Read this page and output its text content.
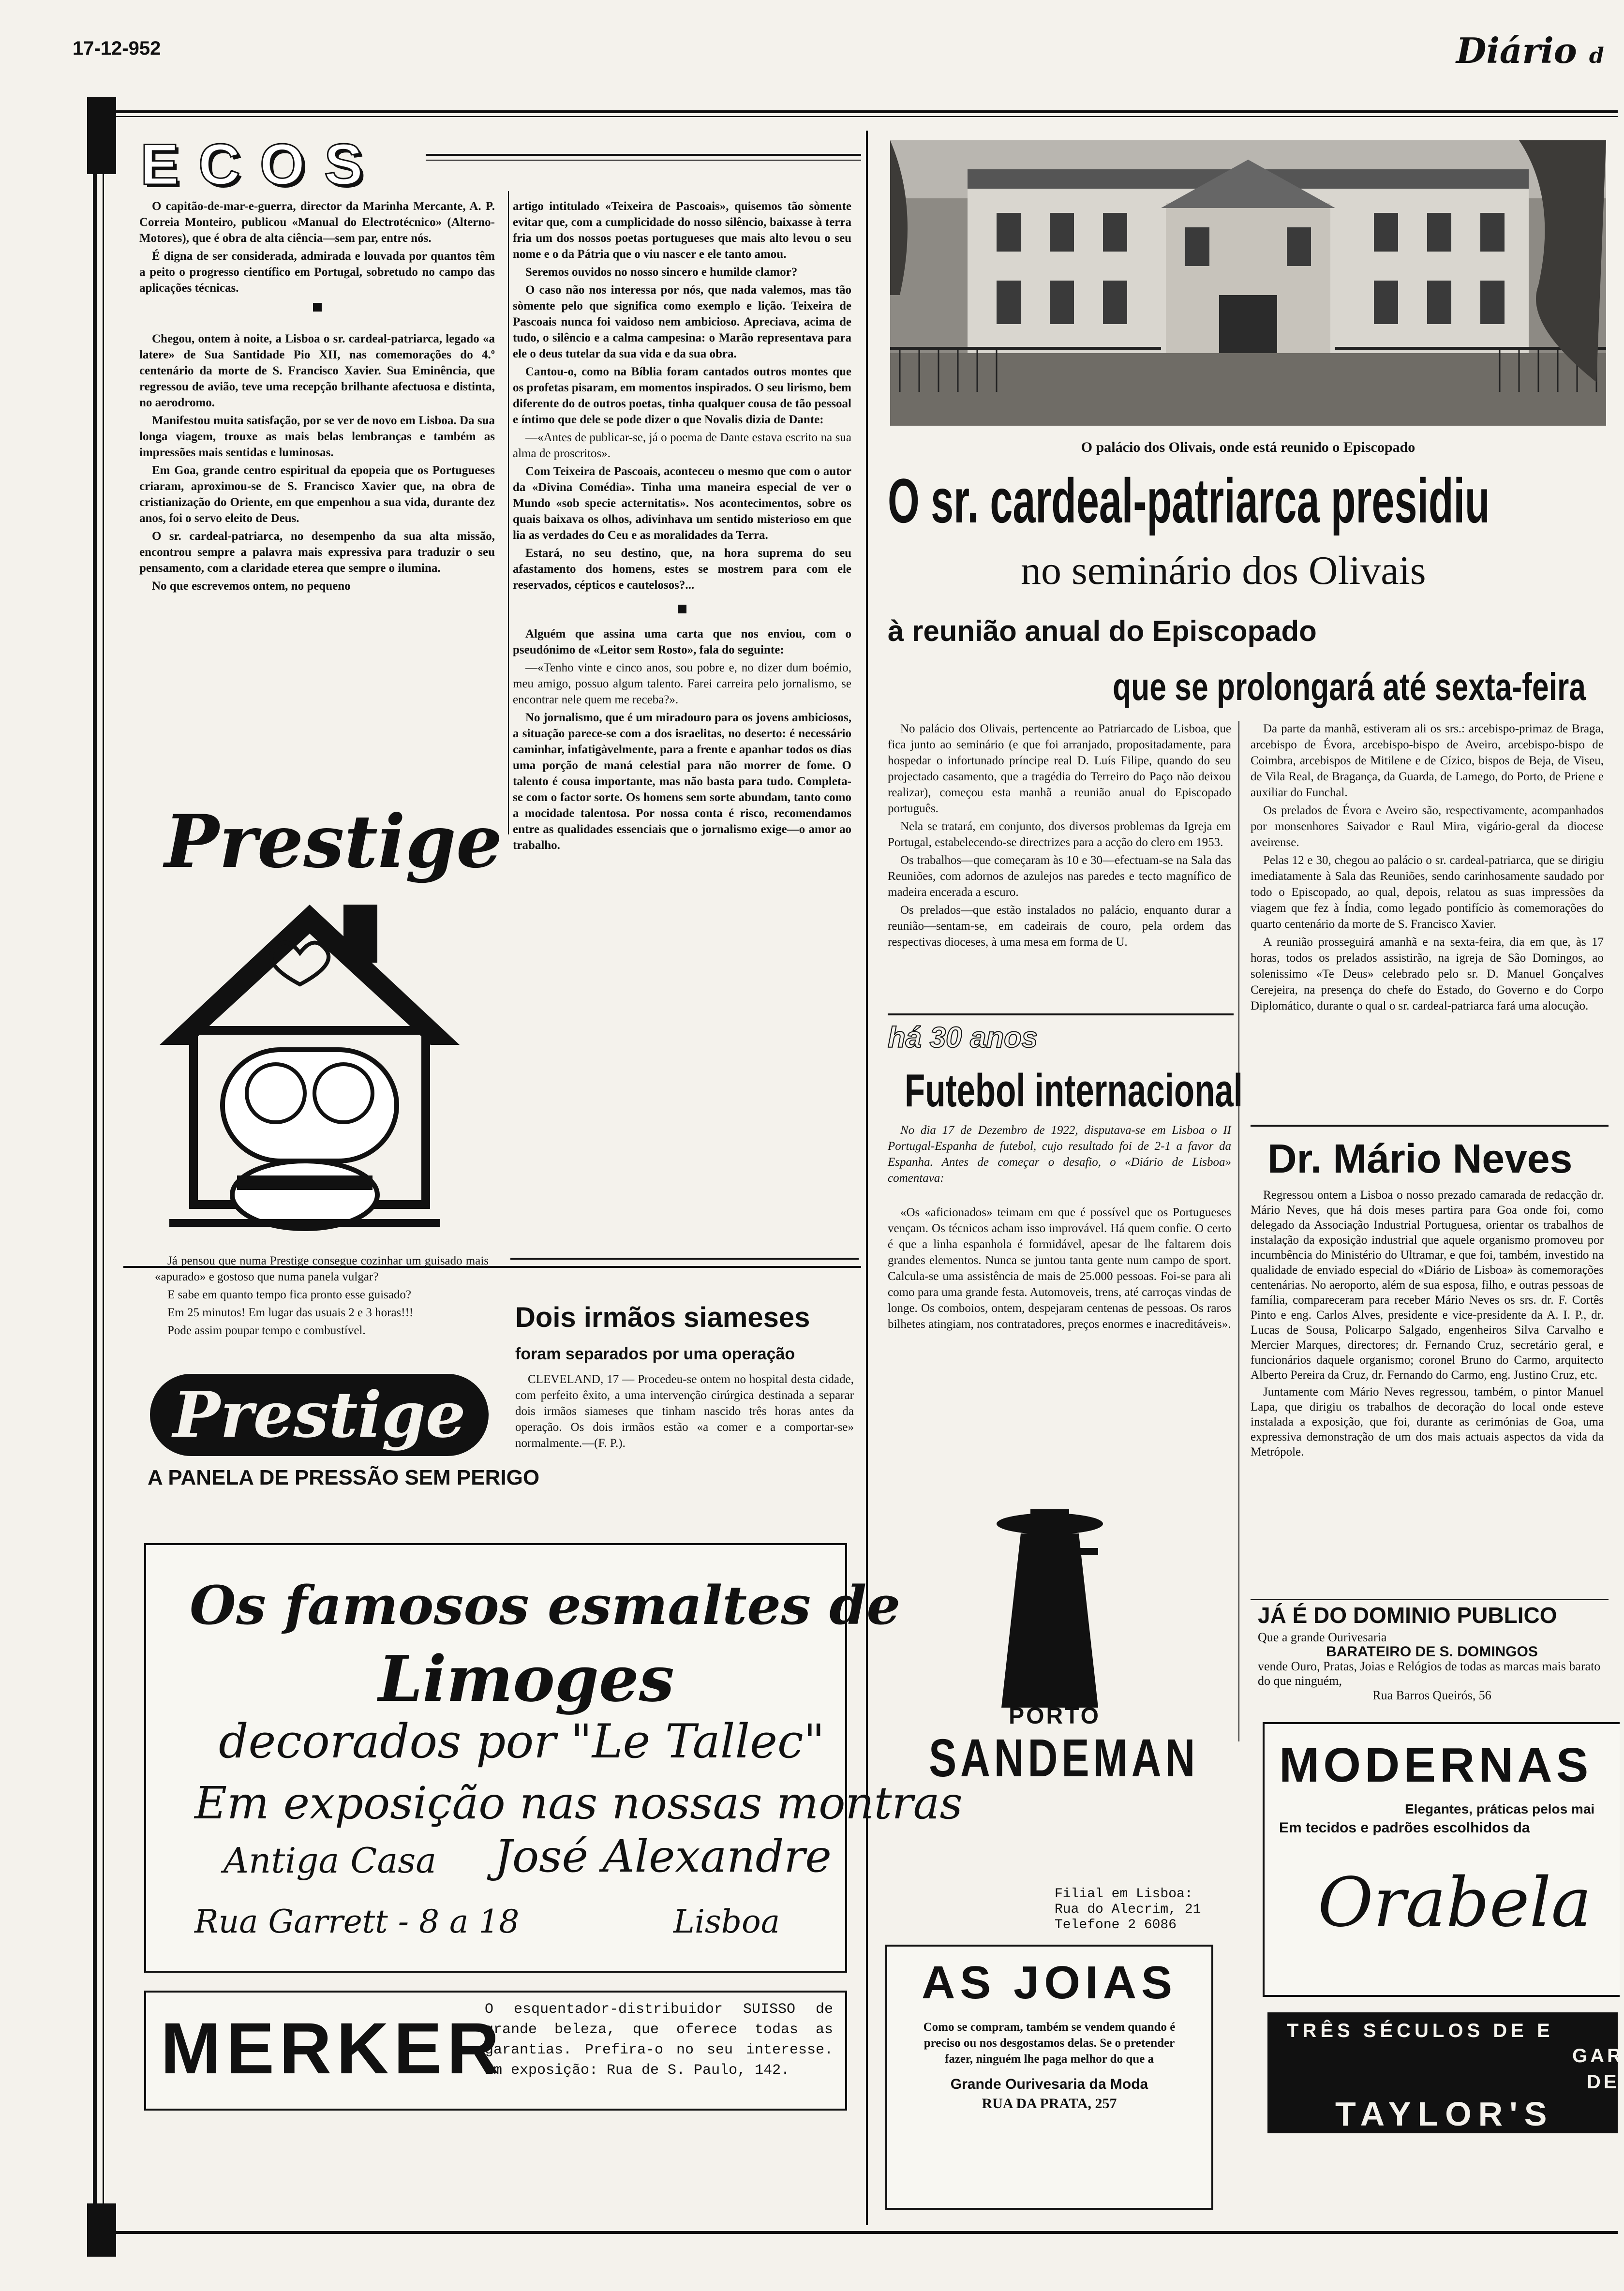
17-12-952	Diário d
ECOS

O capitão-de-mar-e-guerra, director da Marinha Mercante, A. P. Correia Monteiro, publicou «Manual do Electrotécnico» (Alterno-Motores), que é obra de alta ciência—sem par, entre nós.

É digna de ser considerada, admirada e louvada por quantos têm a peito o progresso científico em Portugal, sobretudo no campo das aplicações técnicas.

Chegou, ontem à noite, a Lisboa o sr. cardeal-patriarca, legado «a latere» de Sua Santidade Pio XII, nas comemorações do 4.º centenário da morte de S. Francisco Xavier. Sua Eminência, que regressou de avião, teve uma recepção brilhante afectuosa e distinta, no aerodromo.

Manifestou muita satisfação, por se ver de novo em Lisboa. Da sua longa viagem, trouxe as mais belas lembranças e também as impressões mais sentidas e luminosas.

Em Goa, grande centro espiritual da epopeia que os Portugueses criaram, aproximou-se de S. Francisco Xavier que, na obra de cristianização do Oriente, em que empenhou a sua vida, durante dez anos, foi o servo eleito de Deus.

O sr. cardeal-patriarca, no desempenho da sua alta missão, encontrou sempre a palavra mais expressiva para traduzir o seu pensamento, com a claridade eterea que sempre o ilumina.

No que escrevemos ontem, no pequeno

artigo intitulado «Teixeira de Pascoais», quisemos tão sòmente evitar que, com a cumplicidade do nosso silêncio, baixasse à terra fria um dos nossos poetas portugueses que mais alto levou o seu nome e o da Pátria que o viu nascer e ele tanto amou.

Seremos ouvidos no nosso sincero e humilde clamor?

O caso não nos interessa por nós, que nada valemos, mas tão sòmente pelo que significa como exemplo e lição. Teixeira de Pascoais nunca foi vaidoso nem ambicioso. Apreciava, acima de tudo, o silêncio e a calma campesina: o Marão representava para ele o deus tutelar da sua vida e da sua obra.

Cantou-o, como na Bíblia foram cantados outros montes que os profetas pisaram, em momentos inspirados. O seu lirismo, bem diferente do de outros poetas, tinha qualquer cousa de tão pessoal e íntimo que dele se pode dizer o que Novalis dizia de Dante:

—«Antes de publicar-se, já o poema de Dante estava escrito na sua alma de proscritos».

Com Teixeira de Pascoais, aconteceu o mesmo que com o autor da «Divina Comédia». Tinha uma maneira especial de ver o Mundo «sob specie acternitatis». Nos acontecimentos, sobre os quais baixava os olhos, adivinhava um sentido misterioso em que lia as verdades do Ceu e as moralidades da Terra.

Estará, no seu destino, que, na hora suprema do seu afastamento dos homens, estes se mostrem para com ele reservados, cépticos e cautelosos?...

Alguém que assina uma carta que nos enviou, com o pseudónimo de «Leitor sem Rosto», fala do seguinte:

—«Tenho vinte e cinco anos, sou pobre e, no dizer dum boémio, meu amigo, possuo algum talento. Farei carreira pelo jornalismo, se encontrar nele quem me receba?».

No jornalismo, que é um miradouro para os jovens ambiciosos, a situação parece-se com a dos israelitas, no deserto: é necessário caminhar, infatigàvelmente, para a frente e apanhar todos os dias uma porção de maná celestial para não morrer de fome. O talento é cousa importante, mas não basta para tudo. Completa-se com o factor sorte. Os homens sem sorte abundam, tanto como a mocidade talentosa. Por nossa conta é risco, recomendamos entre as qualidades essenciais que o jornalismo exige—o amor ao trabalho.

Prestige

Já pensou que numa Prestige consegue cozinhar um guisado mais «apurado» e gostoso que numa panela vulgar?

E sabe em quanto tempo fica pronto esse guisado?

Em 25 minutos! Em lugar das usuais 2 e 3 horas!!!

Pode assim poupar tempo e combustível.

Prestige
A PANELA DE PRESSÃO SEM PERIGO
Dois irmãos siameses
foram separados por uma operação

CLEVELAND, 17 — Procedeu-se ontem no hospital desta cidade, com perfeito êxito, a uma intervenção cirúrgica destinada a separar dois irmãos siameses que tinham nascido três horas antes da operação. Os dois irmãos estão «a comer e a comportar-se» normalmente.—(F. P.).

Os famosos esmaltes de
Limoges
decorados por "Le Tallec"
Em exposição nas nossas montras
Antiga Casa José Alexandre
Rua Garrett - 8 a 18	Lisboa
MERKER

O esquentador-distribuidor SUISSO de grande beleza, que oferece todas as garantias. Prefira-o no seu interesse. Em exposição: Rua de S. Paulo, 142.

O palácio dos Olivais, onde está reunido o Episcopado
O sr. cardeal-patriarca presidiu
no seminário dos Olivais
à reunião anual do Episcopado
que se prolongará até sexta-feira

No palácio dos Olivais, pertencente ao Patriarcado de Lisboa, que fica junto ao seminário (e que foi arranjado, propositadamente, para hospedar o infortunado príncipe real D. Luís Filipe, quando do seu projectado casamento, que a tragédia do Terreiro do Paço não deixou realizar), começou esta manhã a reunião anual do Episcopado português.

Nela se tratará, em conjunto, dos diversos problemas da Igreja em Portugal, estabelecendo-se directrizes para a acção do clero em 1953.

Os trabalhos—que começaram às 10 e 30—efectuam-se na Sala das Reuniões, com adornos de azulejos nas paredes e tecto magnífico de madeira encerada a escuro.

Os prelados—que estão instalados no palácio, enquanto durar a reunião—sentam-se, em cadeirais de couro, pela ordem das respectivas dioceses, à uma mesa em forma de U.

Da parte da manhã, estiveram ali os srs.: arcebispo-primaz de Braga, arcebispo de Évora, arcebispo-bispo de Aveiro, arcebispo-bispo de Coimbra, arcebispos de Mitilene e de Cízico, bispos de Beja, de Viseu, de Vila Real, de Bragança, da Guarda, de Lamego, do Porto, de Priene e auxiliar do Funchal.

Os prelados de Évora e Aveiro são, respectivamente, acompanhados por monsenhores Saivador e Raul Mira, vigário-geral da diocese aveirense.

Pelas 12 e 30, chegou ao palácio o sr. cardeal-patriarca, que se dirigiu imediatamente à Sala das Reuniões, sendo carinhosamente saudado por todo o Episcopado, ao qual, depois, relatou as suas impressões da viagem que fez à Índia, como legado pontifício às comemorações do quarto centenário da morte de S. Francisco Xavier.

A reunião prosseguirá amanhã e na sexta-feira, dia em que, às 17 horas, todos os prelados assistirão, na igreja de São Domingos, ao solenissimo «Te Deus» celebrado pelo sr. D. Manuel Gonçalves Cerejeira, na presença do chefe do Estado, do Governo e do Corpo Diplomático, durante o qual o sr. cardeal-patriarca fará uma alocução.

há 30 anos
Futebol internacional

No dia 17 de Dezembro de 1922, disputava-se em Lisboa o II Portugal-Espanha de futebol, cujo resultado foi de 2-1 a favor da Espanha. Antes de começar o desafio, o «Diário de Lisboa» comentava:

«Os «aficionados» teimam em que é possível que os Portugueses vençam. Os técnicos acham isso improvável. Há quem confie. O certo é que a linha espanhola é formidável, apesar de lhe faltarem dois grandes elementos. Nunca se juntou tanta gente num campo de sport. Calcula-se uma assistência de mais de 25.000 pessoas. Foi-se para ali como para uma grande festa. Automoveis, trens, até carroças vindas de longe. Os comboios, ontem, despejaram centenas de pessoas. Os raros bilhetes atingiam, nos contratadores, preços enormes e inacreditáveis».

PORTO
SANDEMAN
Filial em Lisboa:
Rua do Alecrim, 21
Telefone 2 6086
AS JOIAS

Como se compram, também se vendem quando é preciso ou nos desgostamos delas. Se o pretender fazer, ninguém lhe paga melhor do que a

Grande Ourivesaria da Moda
RUA DA PRATA, 257
Dr. Mário Neves

Regressou ontem a Lisboa o nosso prezado camarada de redacção dr. Mário Neves, que há dois meses partira para Goa onde foi, como delegado da Associação Industrial Portuguesa, orientar os trabalhos de instalação da exposição industrial que aquele organismo promoveu por incumbência do Ministério do Ultramar, e que foi, também, investido na qualidade de enviado especial do «Diário de Lisboa» às comemorações centenárias. No aeroporto, além de sua esposa, filho, e outras pessoas de família, compareceram para receber Mário Neves os srs. dr. F. Cortês Pinto e eng. Carlos Alves, presidente e vice-presidente da A. I. P., dr. Lucas de Sousa, Policarpo Salgado, engenheiros Silva Carvalho e Mercier Marques, directores; dr. Fernando Cruz, secretário geral, e funcionários daquele organismo; coronel Bruno do Carmo, arquitecto Alberto Pereira da Cruz, dr. Fernando do Carmo, eng. Justino Cruz, etc.

Juntamente com Mário Neves regressou, também, o pintor Manuel Lapa, que dirigiu os trabalhos de decoração do local onde esteve instalada a exposição, que foi, durante as cerimónias de Goa, uma expressiva demonstração de um dos mais actuais aspectos da vida da Metrópole.

JÁ É DO DOMINIO PUBLICO
Que a grande Ourivesaria
BARATEIRO DE S. DOMINGOS
vende Ouro, Pratas, Joias e Relógios de todas as marcas mais barato do que ninguém,
Rua Barros Queirós, 56
MODERNAS
Elegantes, práticas pelos mai
Em tecidos e padrões escolhidos da
Orabela
TRÊS SÉCULOS DE E
GAR
DE
TAYLOR'S
